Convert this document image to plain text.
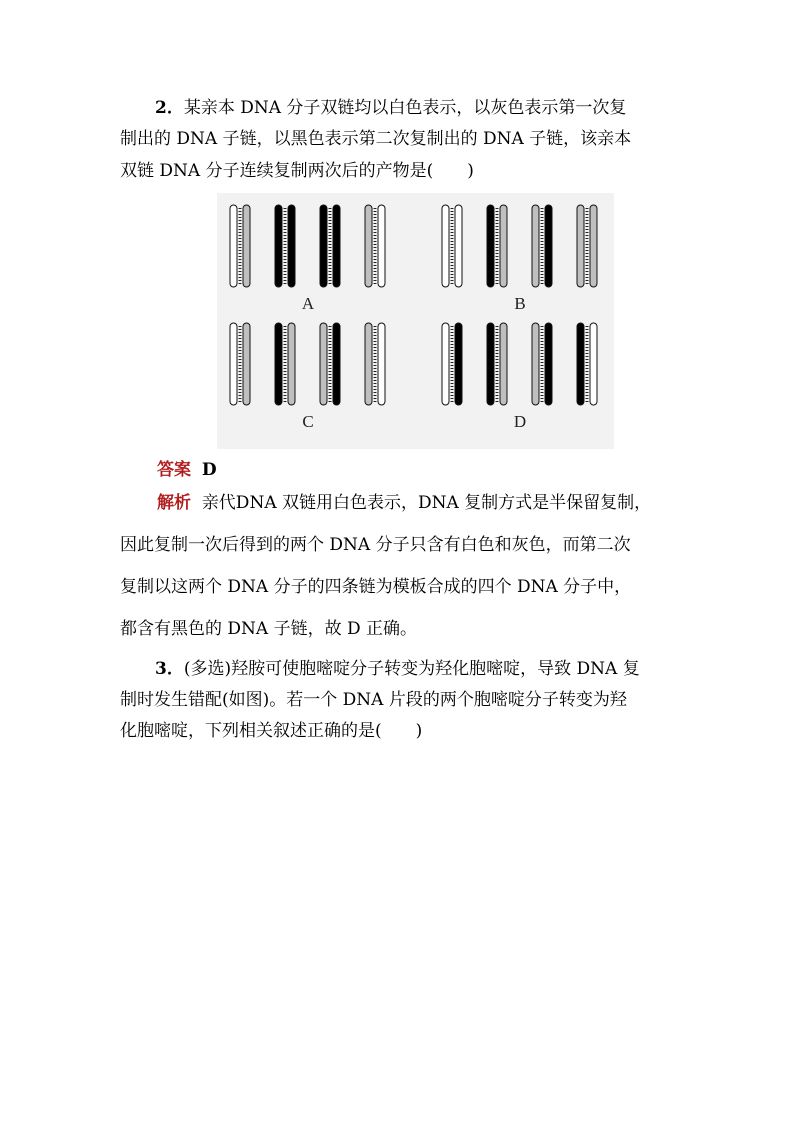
2．某亲本 DNA 分子双链均以白色表示，以灰色表示第一次复
制出的 DNA 子链，以黑色表示第二次复制出的 DNA 子链，该亲本
双链 DNA 分子连续复制两次后的产物是(　　)
A	B
C	D
答案 D
解析 亲代DNA 双链用白色表示，DNA 复制方式是半保留复制，
因此复制一次后得到的两个 DNA 分子只含有白色和灰色，而第二次
复制以这两个 DNA 分子的四条链为模板合成的四个 DNA 分子中，
都含有黑色的 DNA 子链，故 D 正确。
3．(多选)羟胺可使胞嘧啶分子转变为羟化胞嘧啶，导致 DNA 复
制时发生错配(如图)。若一个 DNA 片段的两个胞嘧啶分子转变为羟
化胞嘧啶，下列相关叙述正确的是(　　)
